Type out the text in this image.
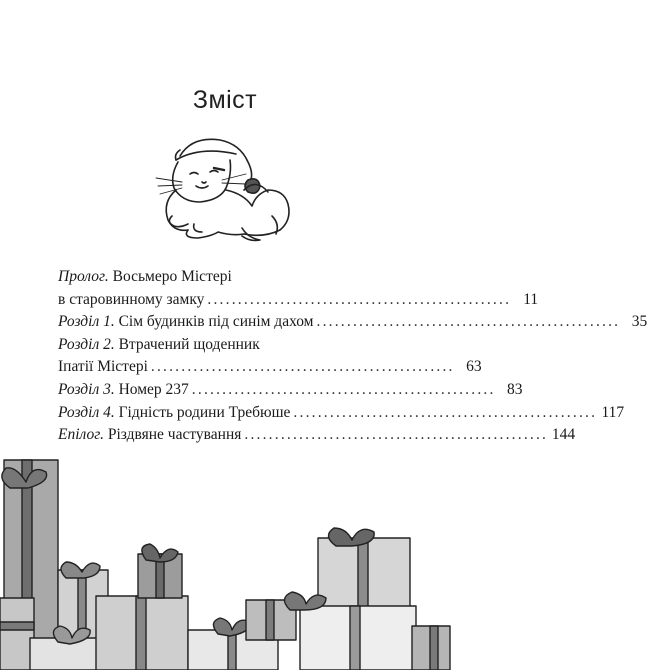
Зміст
Пролог. Восьмеро Містері
в старовинному замку .................................................. 11
Розділ 1. Сім будинків під синім дахом .................................................. 35
Розділ 2. Втрачений щоденник
Іпатії Містері .................................................. 63
Розділ 3. Номер 237 .................................................. 83
Розділ 4. Гідність родини Требюше .................................................. 117
Епілог. Різдвяне частування .................................................. 144
